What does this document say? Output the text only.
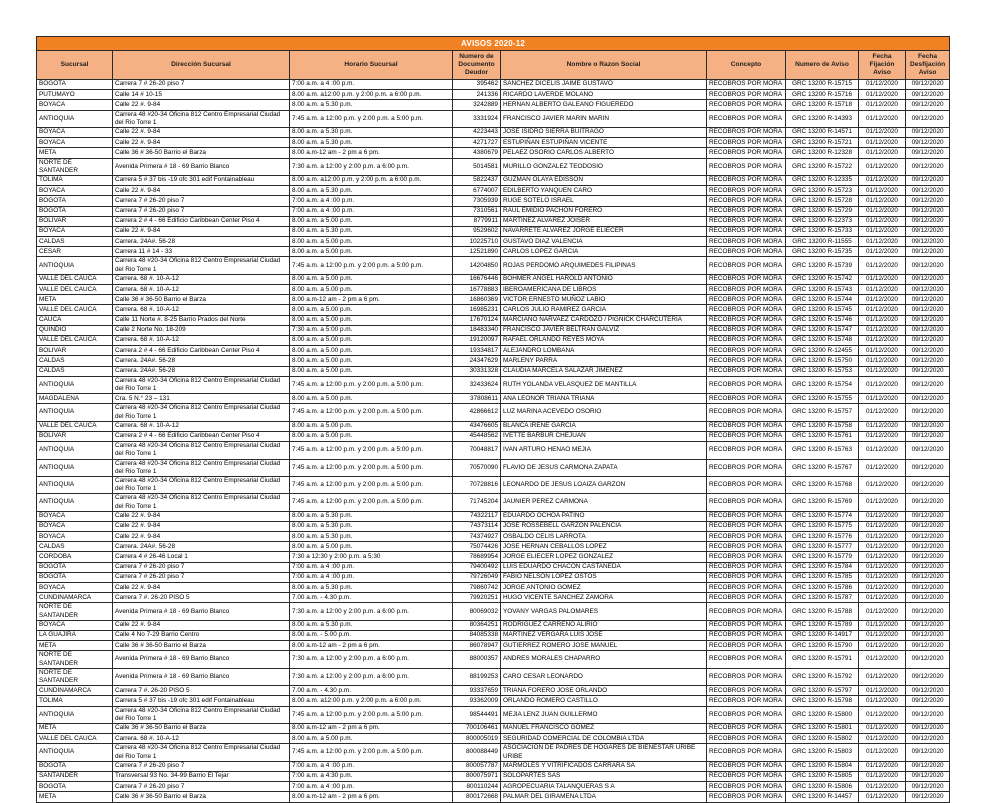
AVISOS 2020-12								
Sucursal	Dirección Sucursal	Horario Sucursal	Numero de Documento Deudor	Nombre o Razon Social	Concepto	Numero de Aviso	Fecha Fijación Aviso	Fecha Desfijación Aviso
BOGOTA	Carrera 7 # 26-20 piso 7	7:00 a.m. a 4 :00 p.m.	395462	SANCHEZ DICELIS JAIME GUSTAVO	RECOBROS POR MORA	GRC 13200 R-15715	01/12/2020	09/12/2020
PUTUMAYO	Calle 14 # 10-15	8.00 a.m. a12:00 p.m. y 2:00 p.m. a 6:00 p.m.	241336	RICARDO LAVERDE MOLANO	RECOBROS POR MORA	GRC 13200 R-15716	01/12/2020	09/12/2020
BOYACA	Calle 22 #. 9-84	8.00 a.m. a 5.30 p.m.	3242889	HERNAN ALBERTO GALEANO FIGUEREDO	RECOBROS POR MORA	GRC 13200 R-15718	01/12/2020	09/12/2020
ANTIOQUIA	Carrera 48 #20-34 Oficina 812 Centro Empresarial Ciudad del Rio Torre 1	7:45 a.m. a 12:00 p.m. y 2:00 p.m. a 5:00 p.m.	3331924	FRANCISCO JAVIER MARIN MARIN	RECOBROS POR MORA	GRC 13200 R-14393	01/12/2020	09/12/2020
BOYACA	Calle 22 #. 9-84	8.00 a.m. a 5.30 p.m.	4223443	JOSE ISIDRO SIERRA BUITRAGO	RECOBROS POR MORA	GRC 13200 R-14571	01/12/2020	09/12/2020
BOYACA	Calle 22 #. 9-84	8.00 a.m. a 5.30 p.m.	4271727	ESTUPIÑAN ESTUPIÑAN VICENTE	RECOBROS POR MORA	GRC 13200 R-15721	01/12/2020	09/12/2020
META	Calle 36 # 36-50 Barrio el Barza	8.00 a.m-12 am - 2 pm a 6 pm.	4380679	PELAEZ OSORIO CARLOS ALBERTO	RECOBROS POR MORA	GRC 13200 R-12328	01/12/2020	09/12/2020
NORTE DE SANTANDER	Avenida Primera # 18 - 69 Barrio Blanco	7:30 a.m. a 12:00 y 2:00 p.m. a 6:00 p.m.	5014581	MURILLO GONZALEZ TEODOSIO	RECOBROS POR MORA	GRC 13200 R-15722	01/12/2020	09/12/2020
TOLIMA	Carrera 5 # 37 bis -19 ofc 301 edif Fontainableau	8.00 a.m. a12:00 p.m. y 2:00 p.m. a 6:00 p.m.	5822437	GUZMAN OLAYA EDISSON	RECOBROS POR MORA	GRC 13200 R-12335	01/12/2020	09/12/2020
BOYACA	Calle 22 #. 9-84	8.00 a.m. a 5.30 p.m.	6774007	EDILBERTO YANQUEN CARO	RECOBROS POR MORA	GRC 13200 R-15723	01/12/2020	09/12/2020
BOGOTA	Carrera 7 # 26-20 piso 7	7:00 a.m. a 4 :00 p.m.	7305939	RUGE SOTELO ISRAEL	RECOBROS POR MORA	GRC 13200 R-15728	01/12/2020	09/12/2020
BOGOTA	Carrera 7 # 26-20 piso 7	7:00 a.m. a 4 :00 p.m.	7310561	RAUL EMIDIO PACHON FORERO	RECOBROS POR MORA	GRC 13200 R-15729	01/12/2020	09/12/2020
BOLIVAR	Carrera 2 # 4 - 66 Edificio Caribbean Center Piso 4	8.00 a.m. a 5.00 p.m.	8779911	MARTINEZ ALVAREZ JOISER	RECOBROS POR MORA	GRC 13200 R-12373	01/12/2020	09/12/2020
BOYACA	Calle 22 #. 9-84	8.00 a.m. a 5.30 p.m.	9529602	NAVARRETE ALVAREZ JORGE ELIECER	RECOBROS POR MORA	GRC 13200 R-15733	01/12/2020	09/12/2020
CALDAS	Carrera. 24A#. 56-28	8.00 a.m. a 5.00 p.m.	10225710	GUSTAVO DIAZ VALENCIA	RECOBROS POR MORA	GRC 13200 R-11555	01/12/2020	09/12/2020
CESAR	Carrera 11 # 14 - 33	8.00 a.m. a 5.00 p.m.	12521890	CARLOS LOPEZ GARCIA	RECOBROS POR MORA	GRC 13200 R-15735	01/12/2020	09/12/2020
ANTIOQUIA	Carrera 48 #20-34 Oficina 812 Centro Empresarial Ciudad del Rio Torre 1	7:45 a.m. a 12:00 p.m. y 2:00 p.m. a 5:00 p.m.	14204850	ROJAS PERDOMO ARQUIMEDES FILIPINAS	RECOBROS POR MORA	GRC 13200 R-15739	01/12/2020	09/12/2020
VALLE DEL CAUCA	Carrera. 68 #. 10-A-12	8.00 a.m. a 5.00 p.m.	16676446	BOHMER ANGEL HAROLD ANTONIO	RECOBROS POR MORA	GRC 13200 R-15742	01/12/2020	09/12/2020
VALLE DEL CAUCA	Carrera. 68 #. 10-A-12	8.00 a.m. a 5.00 p.m.	16778883	IBEROAMERICANA DE LIBROS	RECOBROS POR MORA	GRC 13200 R-15743	01/12/2020	09/12/2020
META	Calle 36 # 36-50 Barrio el Barza	8.00 a.m-12 am - 2 pm a 6 pm.	16860369	VICTOR ERNESTO MUÑOZ LABIO	RECOBROS POR MORA	GRC 13200 R-15744	01/12/2020	09/12/2020
VALLE DEL CAUCA	Carrera. 68 #. 10-A-12	8.00 a.m. a 5.00 p.m.	16985231	CARLOS JULIO RAMIREZ GARCIA	RECOBROS POR MORA	GRC 13200 R-15745	01/12/2020	09/12/2020
CAUCA	Calle 11 Norte #. 8-25 Barrio Prados del Norte	8.00 a.m. a 5.00 p.m.	17670124	MARCIANO NARVAEZ CARDOZO / PIGNICK CHARCUTERIA	RECOBROS POR MORA	GRC 13200 R-15746	01/12/2020	09/12/2020
QUINDIO	Calle 2 Norte No. 18-209	7:30 a.m. a 5:00 p.m.	18483340	FRANCISCO JAVIER BELTRAN GALVIZ	RECOBROS POR MORA	GRC 13200 R-15747	01/12/2020	09/12/2020
VALLE DEL CAUCA	Carrera. 68 #. 10-A-12	8.00 a.m. a 5.00 p.m.	19120097	RAFAEL ORLANDO REYES MOYA	RECOBROS POR MORA	GRC 13200 R-15748	01/12/2020	09/12/2020
BOLIVAR	Carrera 2 # 4 - 66 Edificio Caribbean Center Piso 4	8.00 a.m. a 5.00 p.m.	19334817	ALEJANDRO LOMBANA	RECOBROS POR MORA	GRC 13200 R-12455	01/12/2020	09/12/2020
CALDAS	Carrera. 24A#. 56-28	8.00 a.m. a 5.00 p.m.	24347629	MARLENY PARRA	RECOBROS POR MORA	GRC 13200 R-15750	01/12/2020	09/12/2020
CALDAS	Carrera. 24A#. 56-28	8.00 a.m. a 5.00 p.m.	30331328	CLAUDIA MARCELA SALAZAR JIMENEZ	RECOBROS POR MORA	GRC 13200 R-15753	01/12/2020	09/12/2020
ANTIOQUIA	Carrera 48 #20-34 Oficina 812 Centro Empresarial Ciudad del Rio Torre 1	7:45 a.m. a 12:00 p.m. y 2:00 p.m. a 5:00 p.m.	32433624	RUTH YOLANDA VELASQUEZ DE MANTILLA	RECOBROS POR MORA	GRC 13200 R-15754	01/12/2020	09/12/2020
MAGDALENA	Cra. 5 N.° 23 – 131	8.00 a.m. a 5.00 p.m.	37808611	ANA LEONOR TRIANA TRIANA	RECOBROS POR MORA	GRC 13200 R-15755	01/12/2020	09/12/2020
ANTIOQUIA	Carrera 48 #20-34 Oficina 812 Centro Empresarial Ciudad del Rio Torre 1	7:45 a.m. a 12:00 p.m. y 2:00 p.m. a 5:00 p.m.	42866612	LUZ MARINA ACEVEDO OSORIO	RECOBROS POR MORA	GRC 13200 R-15757	01/12/2020	09/12/2020
VALLE DEL CAUCA	Carrera. 68 #. 10-A-12	8.00 a.m. a 5.00 p.m.	43476605	BLANCA IRENE GARCIA	RECOBROS POR MORA	GRC 13200 R-15758	01/12/2020	09/12/2020
BOLIVAR	Carrera 2 # 4 - 66 Edificio Caribbean Center Piso 4	8.00 a.m. a 5.00 p.m.	45448562	IVETTE BARBUR CHEJUAN	RECOBROS POR MORA	GRC 13200 R-15761	01/12/2020	09/12/2020
ANTIOQUIA	Carrera 48 #20-34 Oficina 812 Centro Empresarial Ciudad del Rio Torre 1	7:45 a.m. a 12:00 p.m. y 2:00 p.m. a 5:00 p.m.	70048817	IVAN ARTURO HENAO MEJIA	RECOBROS POR MORA	GRC 13200 R-15763	01/12/2020	09/12/2020
ANTIOQUIA	Carrera 48 #20-34 Oficina 812 Centro Empresarial Ciudad del Rio Torre 1	7:45 a.m. a 12:00 p.m. y 2:00 p.m. a 5:00 p.m.	70570090	FLAVIO DE JESUS CARMONA ZAPATA	RECOBROS POR MORA	GRC 13200 R-15767	01/12/2020	09/12/2020
ANTIOQUIA	Carrera 48 #20-34 Oficina 812 Centro Empresarial Ciudad del Rio Torre 1	7:45 a.m. a 12:00 p.m. y 2:00 p.m. a 5:00 p.m.	70728816	LEONARDO DE JESUS LOAIZA GARZON	RECOBROS POR MORA	GRC 13200 R-15768	01/12/2020	09/12/2020
ANTIOQUIA	Carrera 48 #20-34 Oficina 812 Centro Empresarial Ciudad del Rio Torre 1	7:45 a.m. a 12:00 p.m. y 2:00 p.m. a 5:00 p.m.	71745204	JAUNIER PEREZ CARMONA	RECOBROS POR MORA	GRC 13200 R-15769	01/12/2020	09/12/2020
BOYACA	Calle 22 #. 9-84	8.00 a.m. a 5.30 p.m.	74322117	EDUARDO OCHOA PATIÑO	RECOBROS POR MORA	GRC 13200 R-15774	01/12/2020	09/12/2020
BOYACA	Calle 22 #. 9-84	8.00 a.m. a 5.30 p.m.	74373114	JOSE ROSSEBELL GARZON PALENCIA	RECOBROS POR MORA	GRC 13200 R-15775	01/12/2020	09/12/2020
BOYACA	Calle 22 #. 9-84	8.00 a.m. a 5.30 p.m.	74374927	OSBALDO CELIS LARROTA	RECOBROS POR MORA	GRC 13200 R-15776	01/12/2020	09/12/2020
CALDAS	Carrera. 24A#. 56-28	8.00 a.m. a 5.00 p.m.	75074426	JOSE HERNAN CEBALLOS LOPEZ	RECOBROS POR MORA	GRC 13200 R-15777	01/12/2020	09/12/2020
CORDOBA	Carrera 4 # 26-46 Local 1	7:30 a 12:30 y 2:00 p.m. a 5:30	78689954	JORGE ELIECER LOPEZ GONZALEZ	RECOBROS POR MORA	GRC 13200 R-15779	01/12/2020	09/12/2020
BOGOTA	Carrera 7 # 26-20 piso 7	7:00 a.m. a 4 :00 p.m.	79400492	LUIS EDUARDO CHACON CASTAÑEDA	RECOBROS POR MORA	GRC 13200 R-15784	01/12/2020	09/12/2020
BOGOTA	Carrera 7 # 26-20 piso 7	7:00 a.m. a 4 :00 p.m.	79726049	FABIO NELSON LOPEZ OSTOS	RECOBROS POR MORA	GRC 13200 R-15785	01/12/2020	09/12/2020
BOYACA	Calle 22 #. 9-84	8.00 a.m. a 5.30 p.m.	79860742	JORGE ANTONIO GOMEZ	RECOBROS POR MORA	GRC 13200 R-15786	01/12/2020	09/12/2020
CUNDINAMARCA	Carrera 7 #. 26-20 PISO 5	7.00 a.m. - 4.30 p.m.	79920251	HUGO VICENTE SANCHEZ ZAMORA	RECOBROS POR MORA	GRC 13200 R-15787	01/12/2020	09/12/2020
NORTE DE SANTANDER	Avenida Primera # 18 - 69 Barrio Blanco	7:30 a.m. a 12:00 y 2:00 p.m. a 6:00 p.m.	80069032	YOVANY VARGAS PALOMARES	RECOBROS POR MORA	GRC 13200 R-15788	01/12/2020	09/12/2020
BOYACA	Calle 22 #. 9-84	8.00 a.m. a 5.30 p.m.	80364251	RODRIGUEZ CARREÑO ALIRIO	RECOBROS POR MORA	GRC 13200 R-15789	01/12/2020	09/12/2020
LA GUAJIRA	Calle 4 No 7-29 Barrio Centro	8.00 a.m. - 5.00 p.m.	84085338	MARTINEZ VERGARA LUIS JOSE	RECOBROS POR MORA	GRC 13200 R-14917	01/12/2020	09/12/2020
META	Calle 36 # 36-50 Barrio el Barza	8.00 a.m-12 am - 2 pm a 6 pm.	86078947	GUTIERREZ ROMERO JOSE MANUEL	RECOBROS POR MORA	GRC 13200 R-15790	01/12/2020	09/12/2020
NORTE DE SANTANDER	Avenida Primera # 18 - 69 Barrio Blanco	7:30 a.m. a 12:00 y 2:00 p.m. a 6:00 p.m.	88000357	ANDRES MORALES CHAPARRO	RECOBROS POR MORA	GRC 13200 R-15791	01/12/2020	09/12/2020
NORTE DE SANTANDER	Avenida Primera # 18 - 69 Barrio Blanco	7:30 a.m. a 12:00 y 2:00 p.m. a 6:00 p.m.	88199253	CARO CESAR LEONARDO	RECOBROS POR MORA	GRC 13200 R-15792	01/12/2020	09/12/2020
CUNDINAMARCA	Carrera 7 #. 26-20 PISO 5	7.00 a.m. - 4.30 p.m.	93337659	TRIANA FORERO JOSE ORLANDO	RECOBROS POR MORA	GRC 13200 R-15797	01/12/2020	09/12/2020
TOLIMA	Carrera 5 # 37 bis -19 ofc 301 edif Fontainableau	8.00 a.m. a12:00 p.m. y 2:00 p.m. a 6:00 p.m.	93362009	ORLANDO ROMERO CASTILLO	RECOBROS POR MORA	GRC 13200 R-15798	01/12/2020	09/12/2020
ANTIOQUIA	Carrera 48 #20-34 Oficina 812 Centro Empresarial Ciudad del Rio Torre 1	7:45 a.m. a 12:00 p.m. y 2:00 p.m. a 5:00 p.m.	98544491	MEJIA LENZ JUAN GUILLERMO	RECOBROS POR MORA	GRC 13200 R-15800	01/12/2020	09/12/2020
META	Calle 36 # 36-50 Barrio el Barza	8.00 a.m-12 am - 2 pm a 6 pm.	700106461	MANUEL FRANCISCO GOMEZ	RECOBROS POR MORA	GRC 13200 R-15801	01/12/2020	09/12/2020
VALLE DEL CAUCA	Carrera. 68 #. 10-A-12	8.00 a.m. a 5.00 p.m.	800005019	SEGURIDAD COMERCIAL DE COLOMBIA LTDA	RECOBROS POR MORA	GRC 13200 R-15802	01/12/2020	09/12/2020
ANTIOQUIA	Carrera 48 #20-34 Oficina 812 Centro Empresarial Ciudad del Rio Torre 1	7:45 a.m. a 12:00 p.m. y 2:00 p.m. a 5:00 p.m.	800088449	ASOCIACION DE PADRES DE HOGARES DE BIENESTAR URIBE URIBE	RECOBROS POR MORA	GRC 13200 R-15803	01/12/2020	09/12/2020
BOGOTA	Carrera 7 # 26-20 piso 7	7:00 a.m. a 4 :00 p.m.	800057787	MARMOLES Y VITRIFICADOS CARRARA SA	RECOBROS POR MORA	GRC 13200 R-15804	01/12/2020	09/12/2020
SANTANDER	Transversal 93 No. 34-99 Barrio El Tejar	7:00 a.m. a 4:30 p.m.	800075971	SOLOPARTES SAS	RECOBROS POR MORA	GRC 13200 R-15805	01/12/2020	09/12/2020
BOGOTA	Carrera 7 # 26-20 piso 7	7:00 a.m. a 4 :00 p.m.	800110244	AGROPECUARIA TALANQUERAS S A	RECOBROS POR MORA	GRC 13200 R-15806	01/12/2020	09/12/2020
META	Calle 36 # 36-50 Barrio el Barza	8.00 a.m-12 am - 2 pm a 6 pm.	800172668	PALMAR DEL GIRAMENA LTDA	RECOBROS POR MORA	GRC 13200 R-14457	01/12/2020	09/12/2020
